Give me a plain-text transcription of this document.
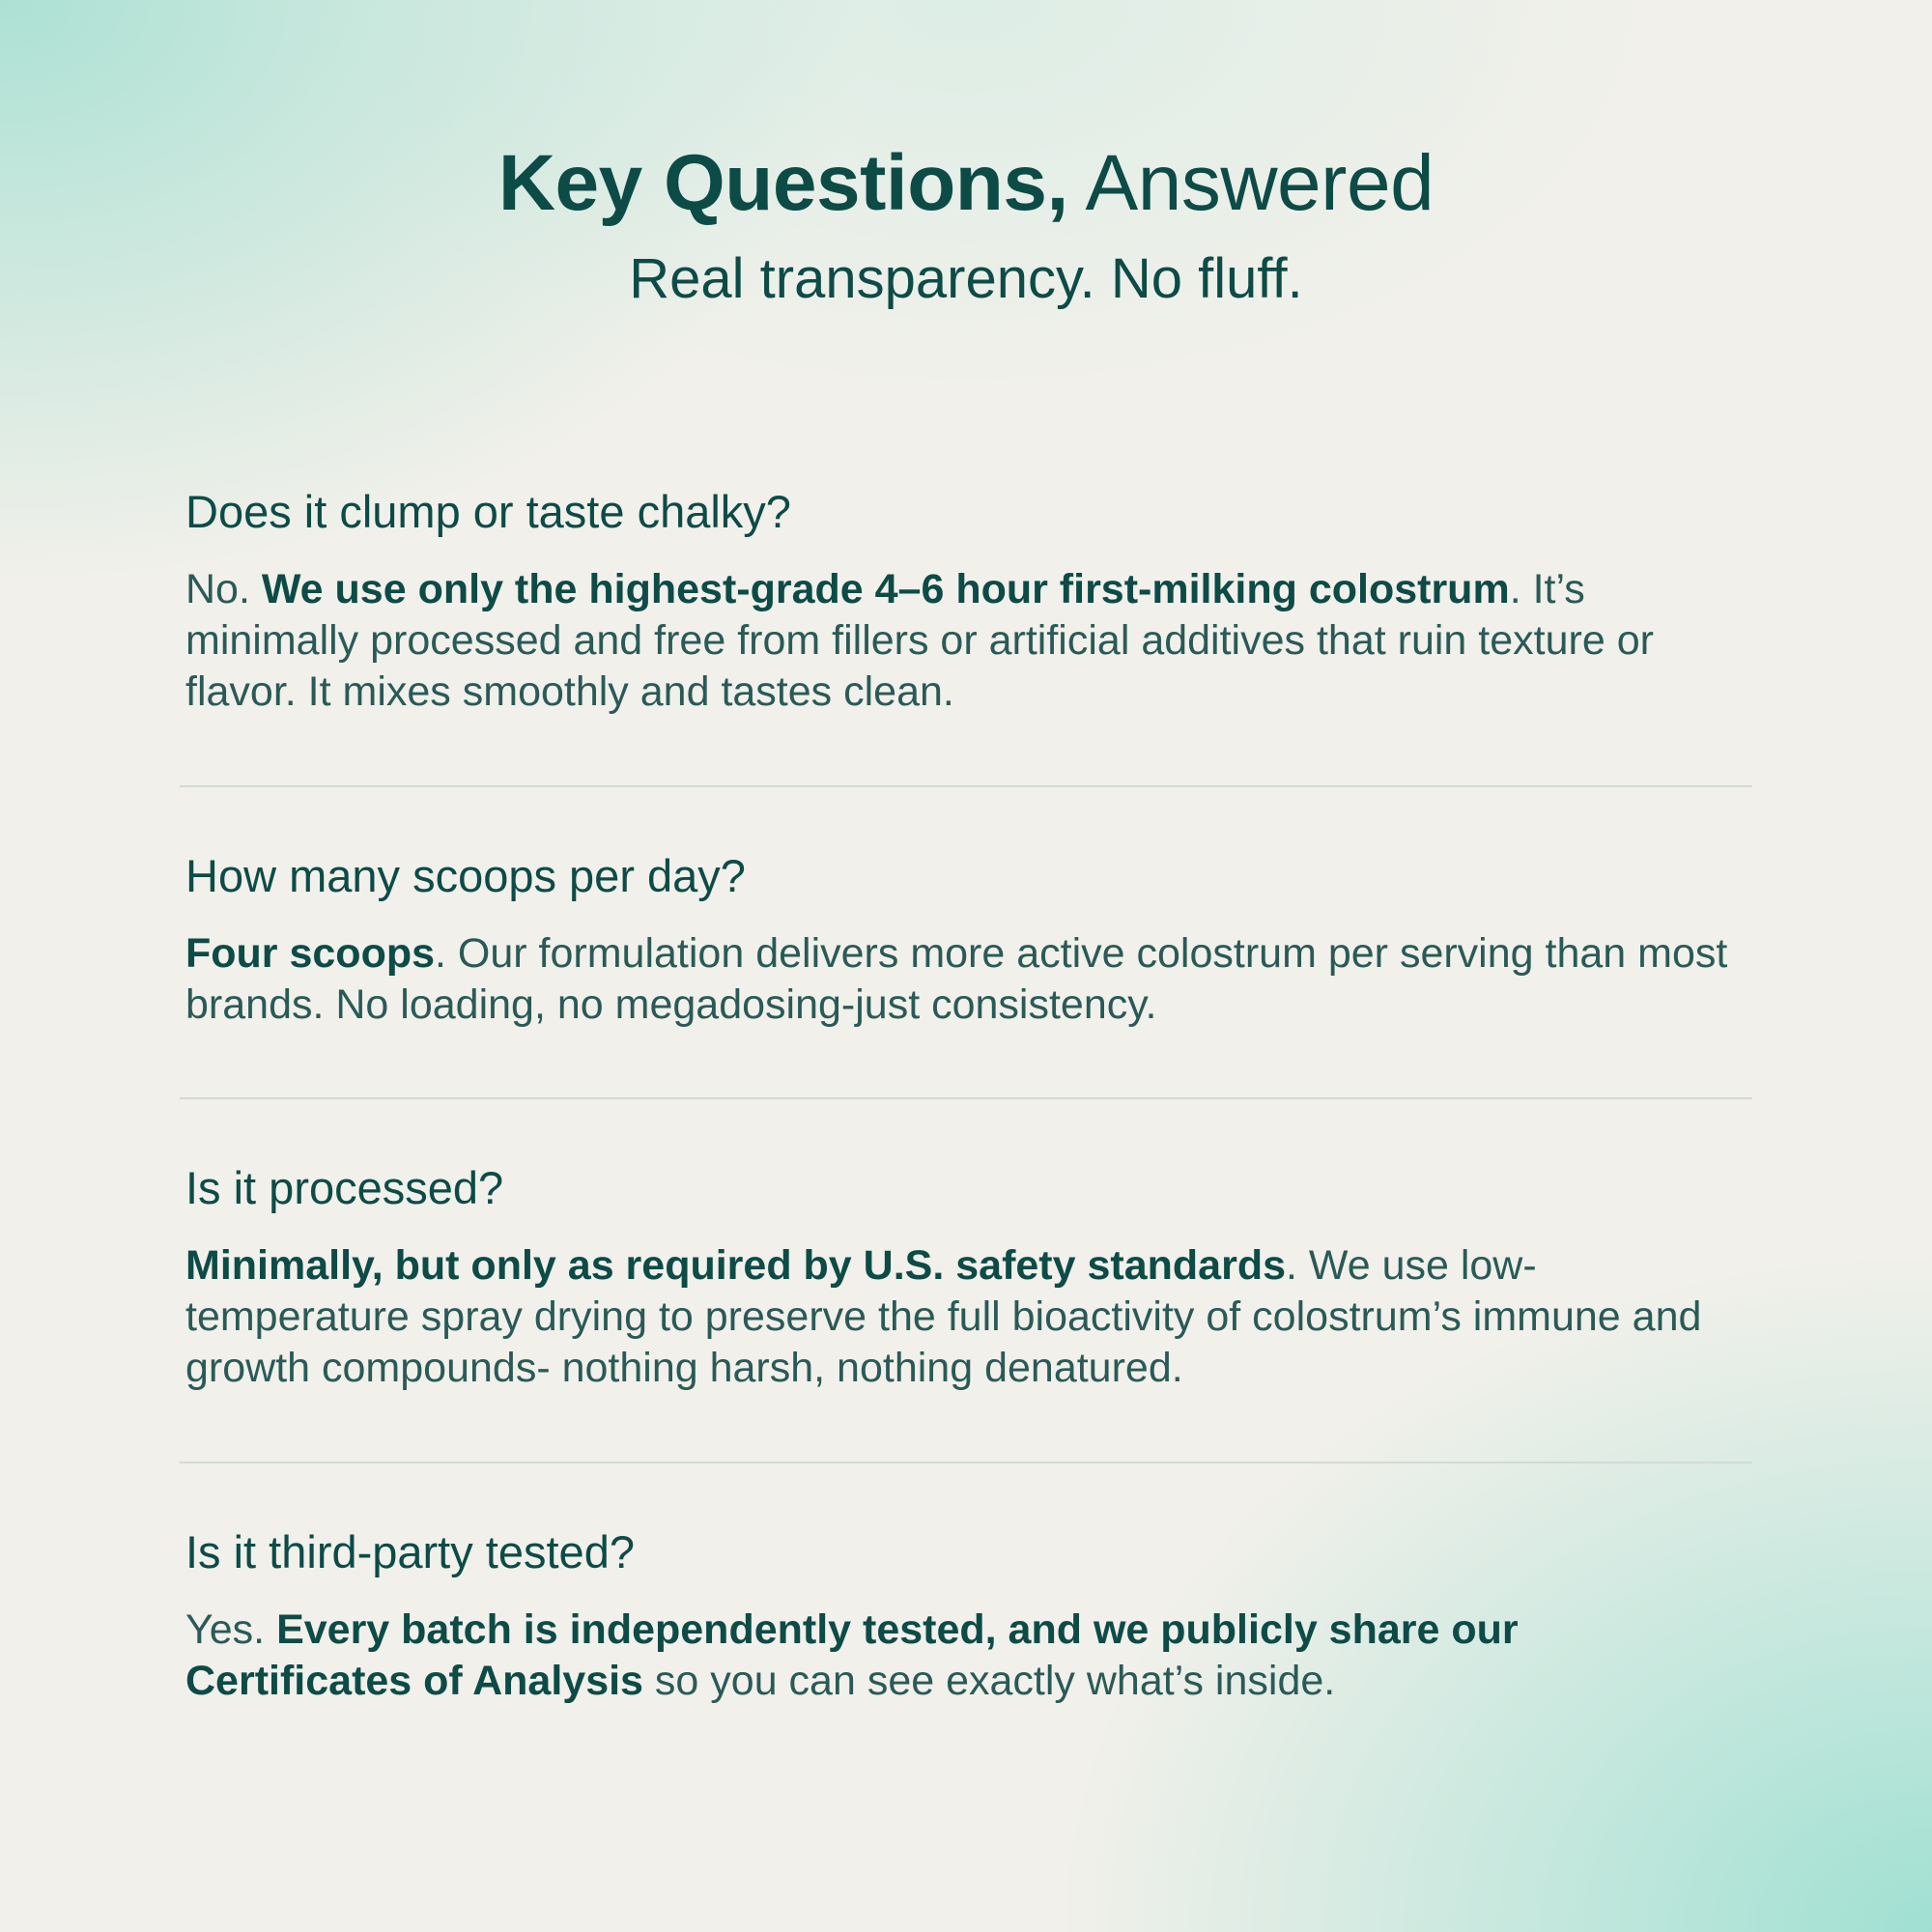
Key Questions, Answered

Real transparency. No fluff.

Does it clump or taste chalky?

No. We use only the highest-grade 4–6 hour first-milking colostrum. It’s minimally processed and free from fillers or artificial additives that ruin texture or flavor. It mixes smoothly and tastes clean.

How many scoops per day?

Four scoops. Our formulation delivers more active colostrum per serving than most brands. No loading, no megadosing-just consistency.

Is it processed?

Minimally, but only as required by U.S. safety standards. We use low-temperature spray drying to preserve the full bioactivity of colostrum’s immune and growth compounds- nothing harsh, nothing denatured.

Is it third-party tested?

Yes. Every batch is independently tested, and we publicly share our Certificates of Analysis so you can see exactly what’s inside.
